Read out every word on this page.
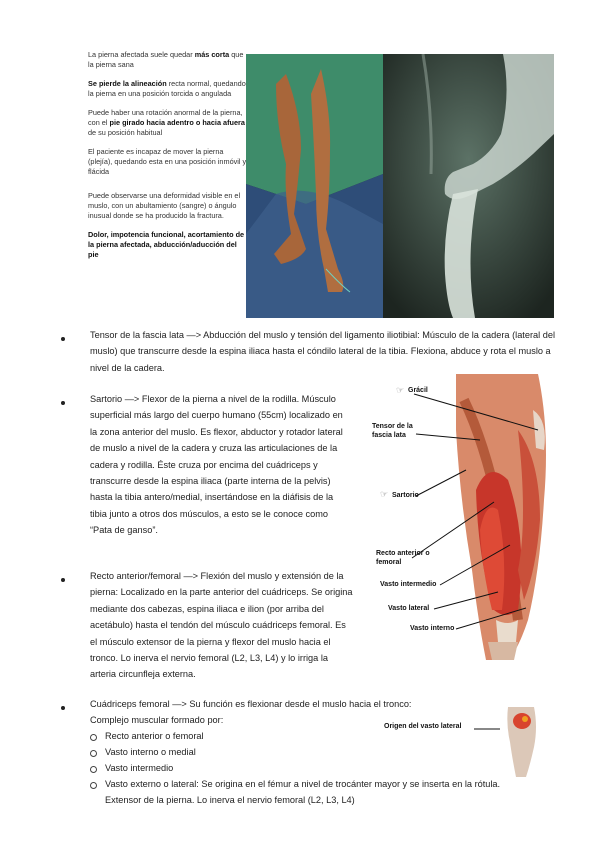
La pierna afectada suele quedar más corta que la pierna sana

Se pierde la alineación recta normal, quedando la pierna en una posición torcida o angulada

Puede haber una rotación anormal de la pierna, con el pie girado hacia adentro o hacia afuera de su posición habitual

El paciente es incapaz de mover la pierna (plejía), quedando esta en una posición inmóvil y flácida

Puede observarse una deformidad visible en el muslo, con un abultamiento (sangre) o ángulo inusual donde se ha producido la fractura.

Dolor, impotencia funcional, acortamiento de la pierna afectada, abducción/aducción del pie

Tensor de la fascia lata —> Abducción del muslo y tensión del ligamento iliotibial: Músculo de la cadera (lateral del muslo) que transcurre desde la espina iliaca hasta el cóndilo lateral de la tibia. Flexiona, abduce y rota el muslo a nivel de la cadera.
Sartorio —> Flexor de la pierna a nivel de la rodilla. Músculo superficial más largo del cuerpo humano (55cm) localizado en la zona anterior del muslo. Es flexor, abductor y rotador lateral de muslo a nivel de la cadera y cruza las articulaciones de la cadera y rodilla. Éste cruza por encima del cuádriceps y transcurre desde la espina iliaca (parte interna de la pelvis) hasta la tibia antero/medial, insertándose en la diáfisis de la tibia junto a otros dos músculos, a esto se le conoce como “Pata de ganso”.
Recto anterior/femoral —> Flexión del muslo y extensión de la pierna: Localizado en la parte anterior del cuádriceps. Se origina mediante dos cabezas, espina iliaca e ilion (por arriba del acetábulo) hasta el tendón del músculo cuádriceps femoral. Es el músculo extensor de la pierna y flexor del muslo hacia el tronco. Lo inerva el nervio femoral (L2, L3, L4) y lo irriga la arteria circunfleja externa.
Cuádriceps femoral —> Su función es flexionar desde el muslo hacia el tronco:
Complejo muscular formado por:
Recto anterior o femoral
Vasto interno o medial
Vasto intermedio
Vasto externo o lateral: Se origina en el fémur a nivel de trocánter mayor y se inserta en la rótula.
Extensor de la pierna. Lo inerva el nervio femoral (L2, L3, L4)
☞ Grácil
Tensor de la fascia lata
☞ Sartorio
Recto anterior o femoral
Vasto intermedio
Vasto lateral
Vasto interno
Origen del vasto lateral
